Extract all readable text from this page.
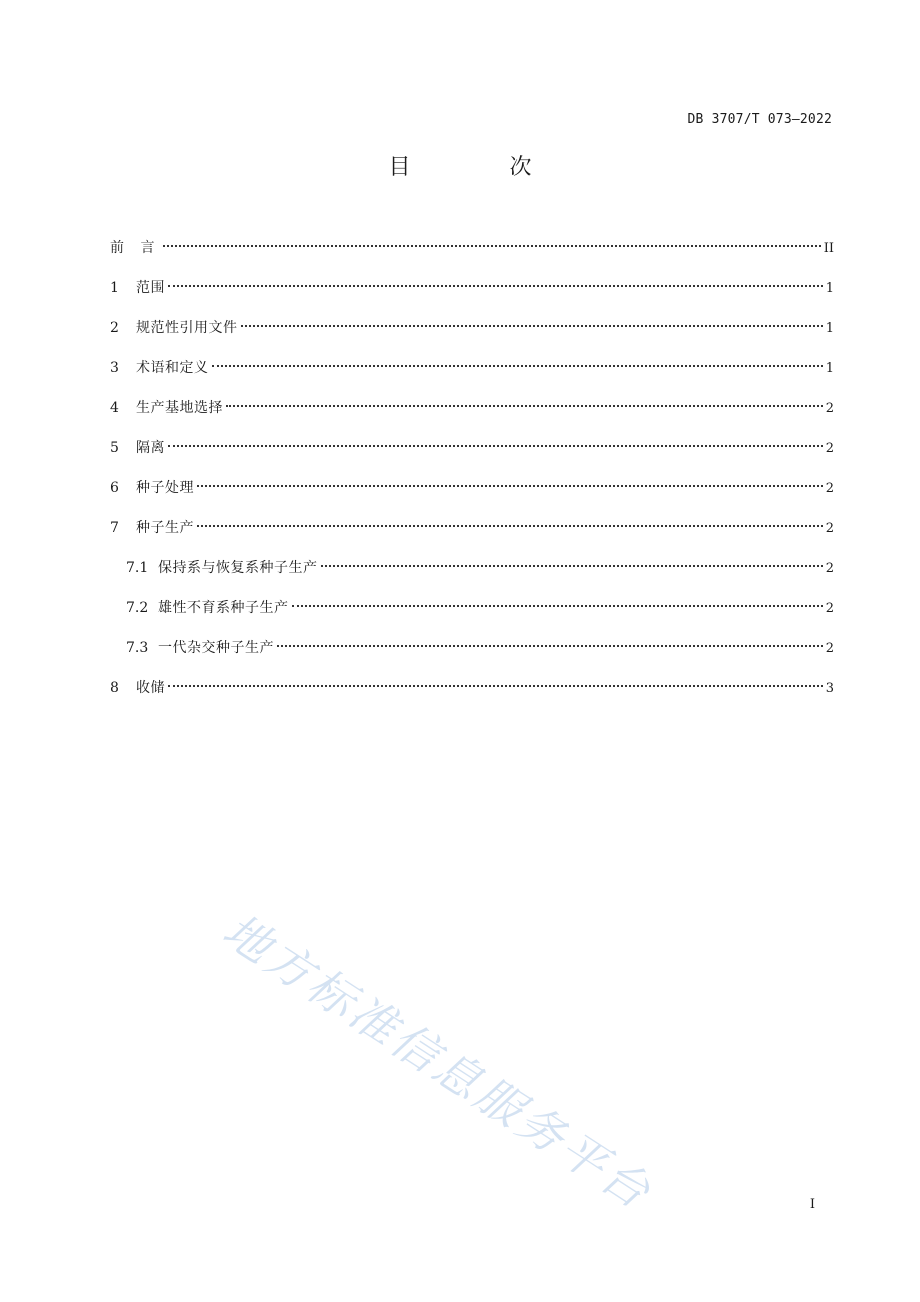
DB 3707/T 073—2022
目 次
前 言	II
1	范围	1
2	规范性引用文件	1
3	术语和定义	1
4	生产基地选择	2
5	隔离	2
6	种子处理	2
7	种子生产	2
7.1 保持系与恢复系种子生产	2
7.2 雄性不育系种子生产	2
7.3 一代杂交种子生产	2
8	收储	3
地方标准信息服务平台	I
